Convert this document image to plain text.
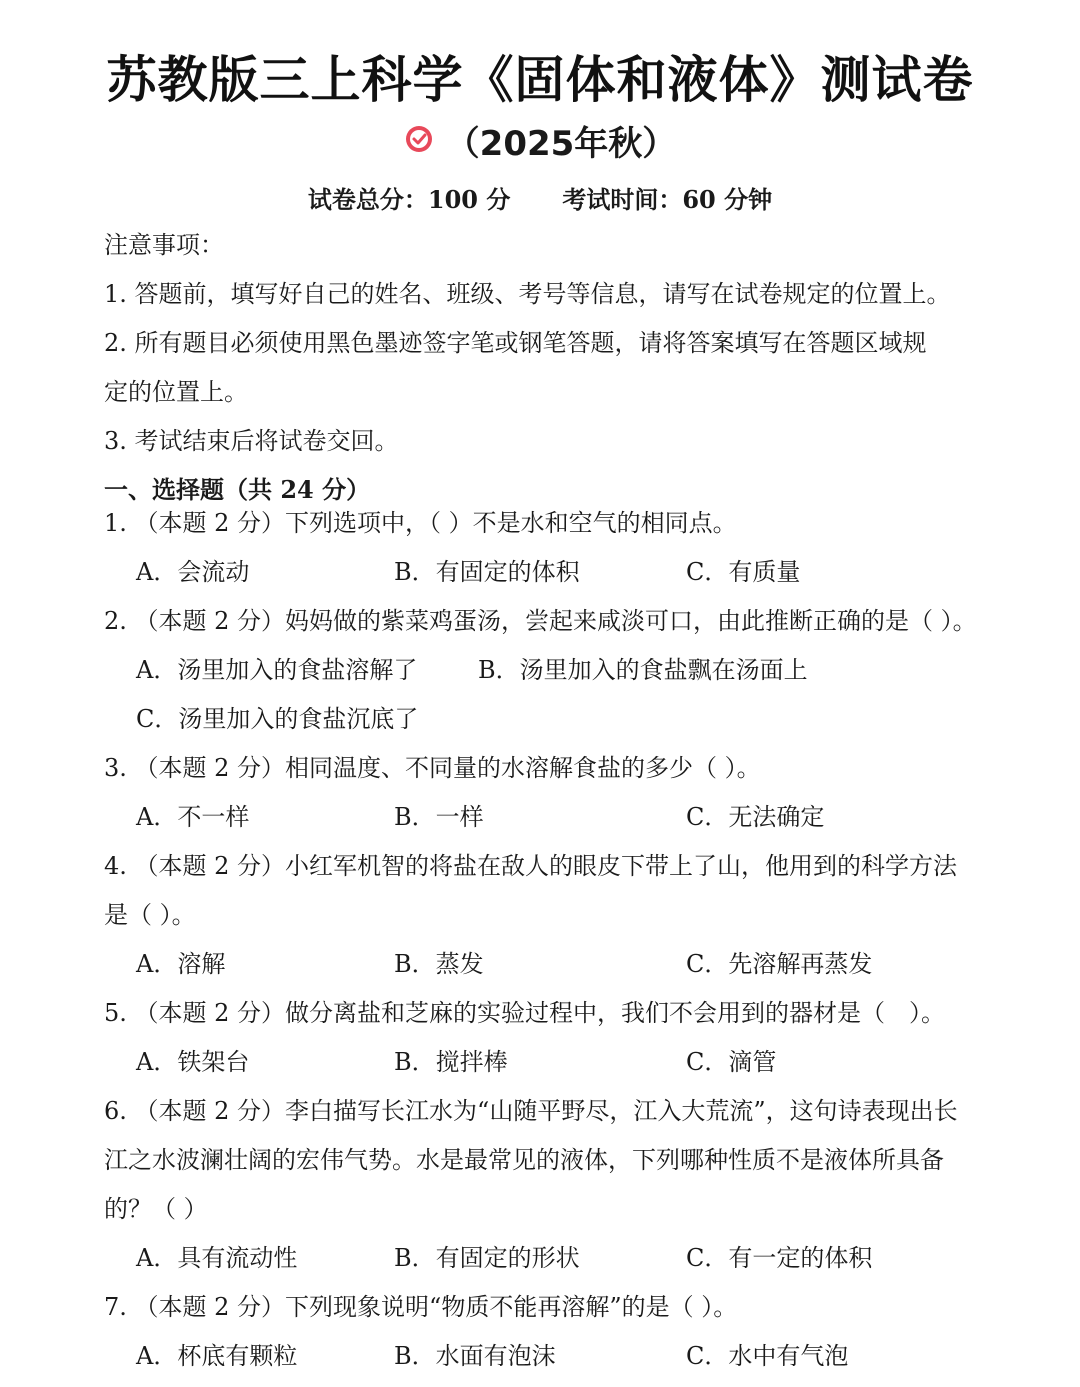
苏教版三上科学《固体和液体》测试卷
（2025年秋）
试卷总分：100 分 考试时间：60 分钟
注意事项：
1. 答题前，填写好自己的姓名、班级、考号等信息，请写在试卷规定的位置上。
2. 所有题目必须使用黑色墨迹签字笔或钢笔答题，请将答案填写在答题区域规
定的位置上。
3. 考试结束后将试卷交回。
一、选择题（共 24 分）
1. （本题 2 分）下列选项中，（ ）不是水和空气的相同点。
A．会流动	B．有固定的体积	C．有质量
2. （本题 2 分）妈妈做的紫菜鸡蛋汤，尝起来咸淡可口，由此推断正确的是（ ）。
A．汤里加入的食盐溶解了	B．汤里加入的食盐飘在汤面上
C．汤里加入的食盐沉底了
3. （本题 2 分）相同温度、不同量的水溶解食盐的多少（ ）。
A．不一样	B．一样	C．无法确定
4. （本题 2 分）小红军机智的将盐在敌人的眼皮下带上了山，他用到的科学方法
是（ ）。
A．溶解	B．蒸发	C．先溶解再蒸发
5. （本题 2 分）做分离盐和芝麻的实验过程中，我们不会用到的器材是（　）。
A．铁架台	B．搅拌棒	C．滴管
6. （本题 2 分）李白描写长江水为“山随平野尽，江入大荒流”，这句诗表现出长
江之水波澜壮阔的宏伟气势。水是最常见的液体，下列哪种性质不是液体所具备
的？（ ）
A．具有流动性	B．有固定的形状	C．有一定的体积
7. （本题 2 分）下列现象说明“物质不能再溶解”的是（ ）。
A．杯底有颗粒	B．水面有泡沫	C．水中有气泡
